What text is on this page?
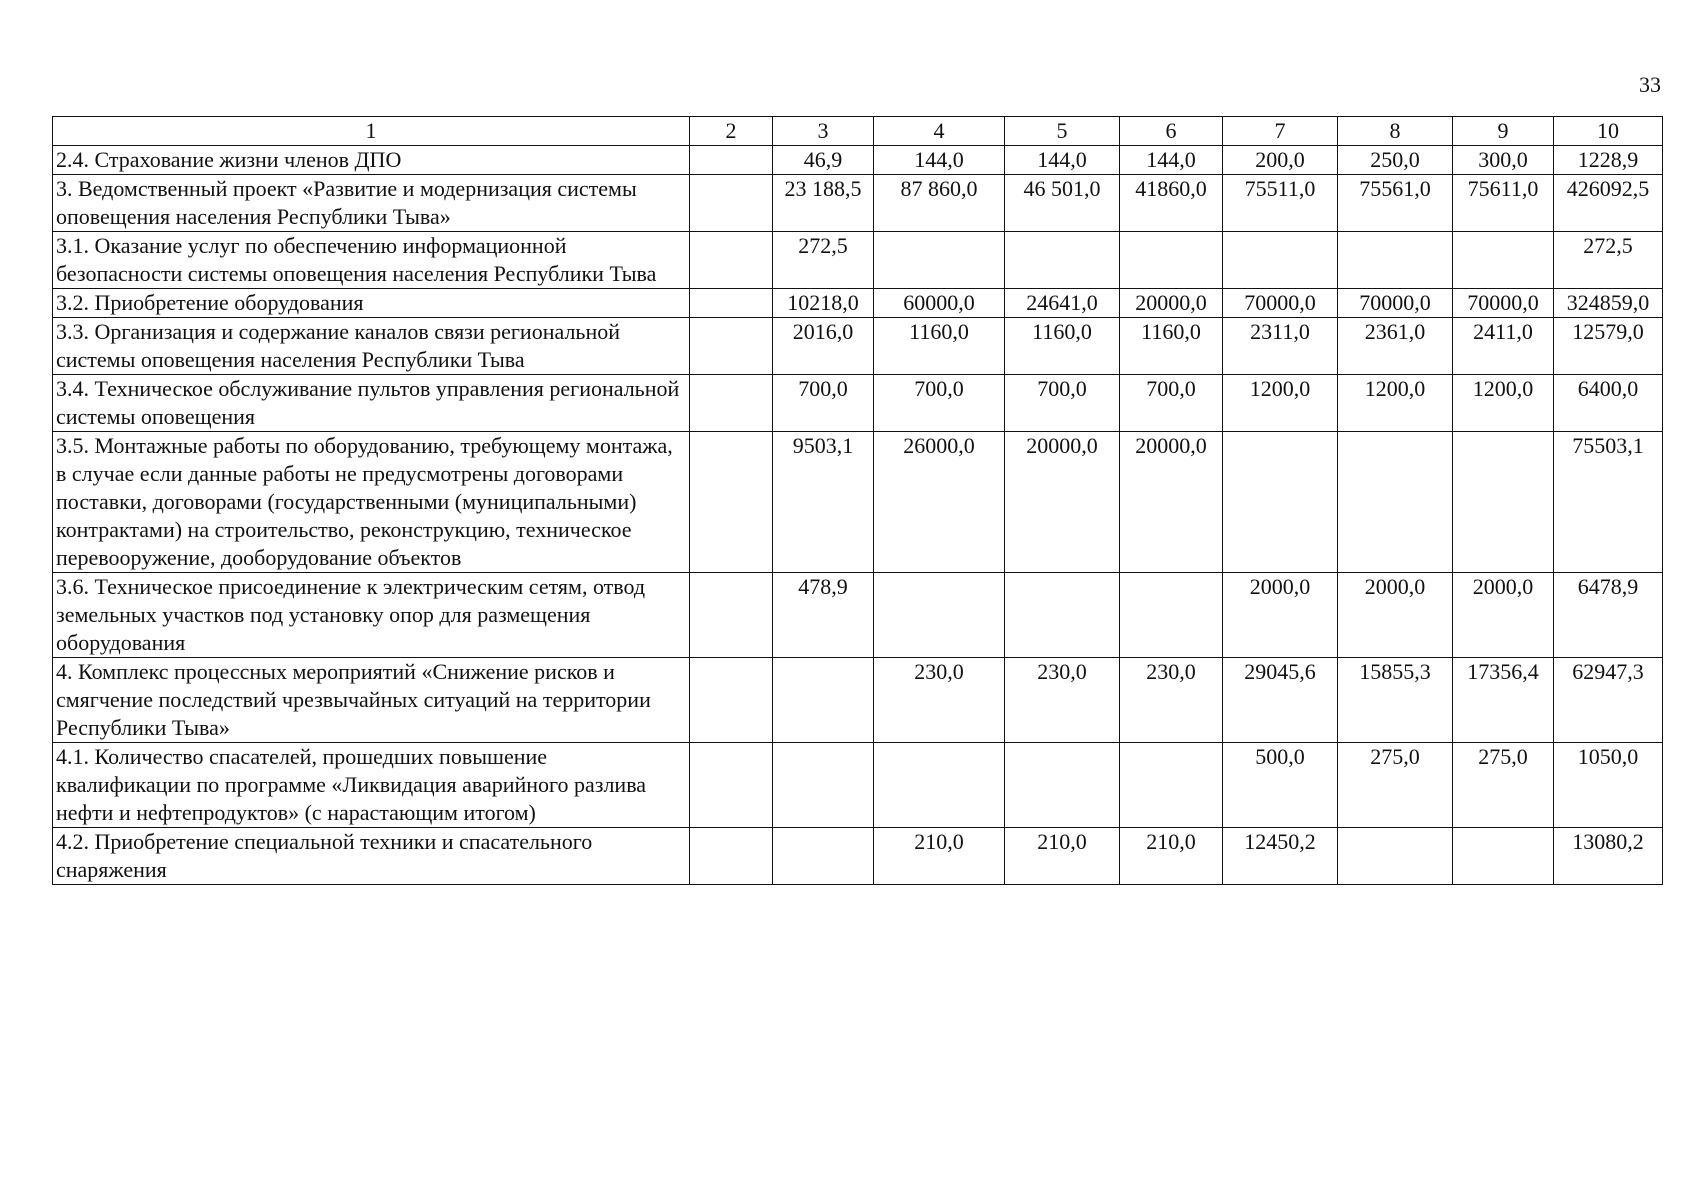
33
1	2	3	4	5	6	7	8	9	10
2.4. Страхование жизни членов ДПО		46,9	144,0	144,0	144,0	200,0	250,0	300,0	1228,9
3. Ведомственный проект «Развитие и модернизация системы оповещения населения Республики Тыва»		23 188,5	87 860,0	46 501,0	41860,0	75511,0	75561,0	75611,0	426092,5
3.1. Оказание услуг по обеспечению информационной безопасности системы оповещения населения Республики Тыва		272,5							272,5
3.2. Приобретение оборудования		10218,0	60000,0	24641,0	20000,0	70000,0	70000,0	70000,0	324859,0
3.3. Организация и содержание каналов связи региональной системы оповещения населения Республики Тыва		2016,0	1160,0	1160,0	1160,0	2311,0	2361,0	2411,0	12579,0
3.4. Техническое обслуживание пультов управления региональной системы оповещения		700,0	700,0	700,0	700,0	1200,0	1200,0	1200,0	6400,0
3.5. Монтажные работы по оборудованию, требующему монтажа, в случае если данные работы не предусмотрены договорами поставки, договорами (государственными (муниципальными) контрактами) на строительство, реконструкцию, техническое перевооружение, дооборудование объектов		9503,1	26000,0	20000,0	20000,0				75503,1
3.6. Техническое присоединение к электрическим сетям, отвод земельных участков под установку опор для размещения оборудования		478,9				2000,0	2000,0	2000,0	6478,9
4. Комплекс процессных мероприятий «Снижение рисков и смягчение последствий чрезвычайных ситуаций на территории Республики Тыва»			230,0	230,0	230,0	29045,6	15855,3	17356,4	62947,3
4.1. Количество спасателей, прошедших повышение квалификации по программе «Ликвидация аварийного разлива нефти и нефтепродуктов» (с нарастающим итогом)						500,0	275,0	275,0	1050,0
4.2. Приобретение специальной техники и спасательного снаряжения			210,0	210,0	210,0	12450,2			13080,2
